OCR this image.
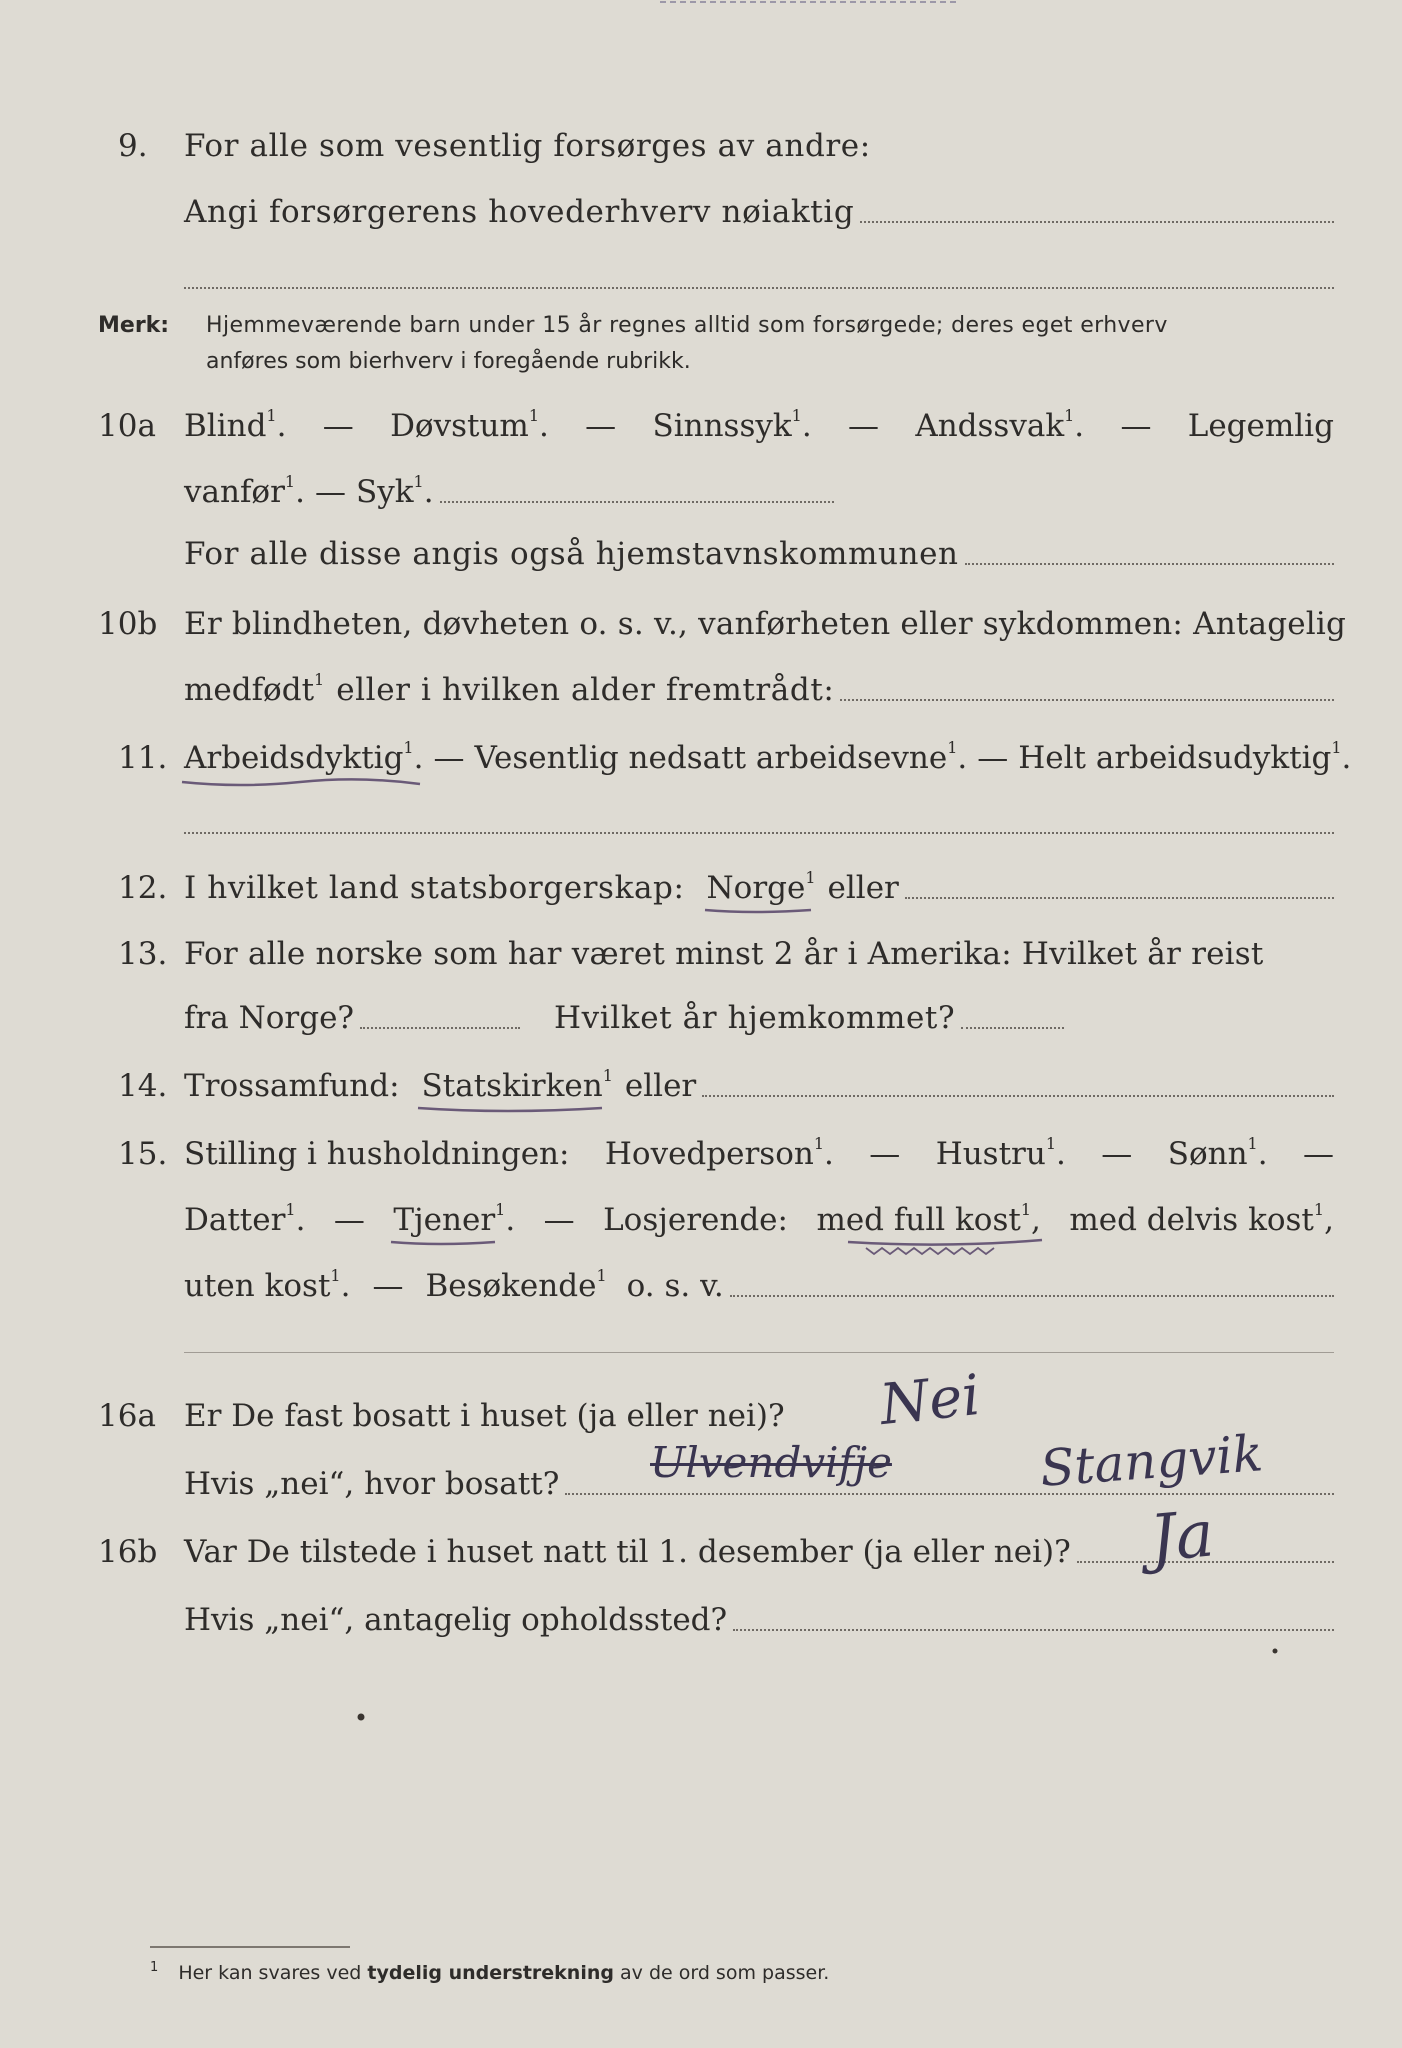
9.	For alle som vesentlig forsørges av andre:
Angi forsørgerens hovederhverv nøiaktig
Merk:	Hjemmeværende barn under 15 år regnes alltid som forsørgede; deres eget erhverv
anføres som bierhverv i foregående rubrikk.
10a Blind$^1$. — Døvstum$^1$. — Sinnssyk$^1$. — Andssvak$^1$. — Legemlig
vanfør$^1$. — Syk$^1$.
For alle disse angis også hjemstavnskommunen
10b Er blindheten, døvheten o. s. v., vanførheten eller sykdommen: Antagelig
medfødt$^1$ eller i hvilken alder fremtrådt:
11. Arbeidsdyktig$^1$. — Vesentlig nedsatt arbeidsevne$^1$. — Helt arbeidsudyktig$^1$.
12. I hvilket land statsborgerskap: Norge$^1$ eller
13. For alle norske som har været minst 2 år i Amerika: Hvilket år reist
fra Norge?	Hvilket år hjemkommet?
14. Trossamfund: Statskirken$^1$ eller
15. Stilling i husholdningen: Hovedperson$^1$. — Hustru$^1$. — Sønn$^1$. —
Datter$^1$. — Tjener$^1$. — Losjerende: med full kost$^1$, med delvis kost$^1$,
uten kost$^1$. — Besøkende$^1$ o. s. v.
16a Er De fast bosatt i huset (ja eller nei)? Nei
Hvis „nei“, hvor bosatt? Ulvendvifje	Stangvik
16b Var De tilstede i huset natt til 1. desember (ja eller nei)? Ja
Hvis „nei“, antagelig opholdssted?
$^1$ Her kan svares ved tydelig understrekning av de ord som passer.
